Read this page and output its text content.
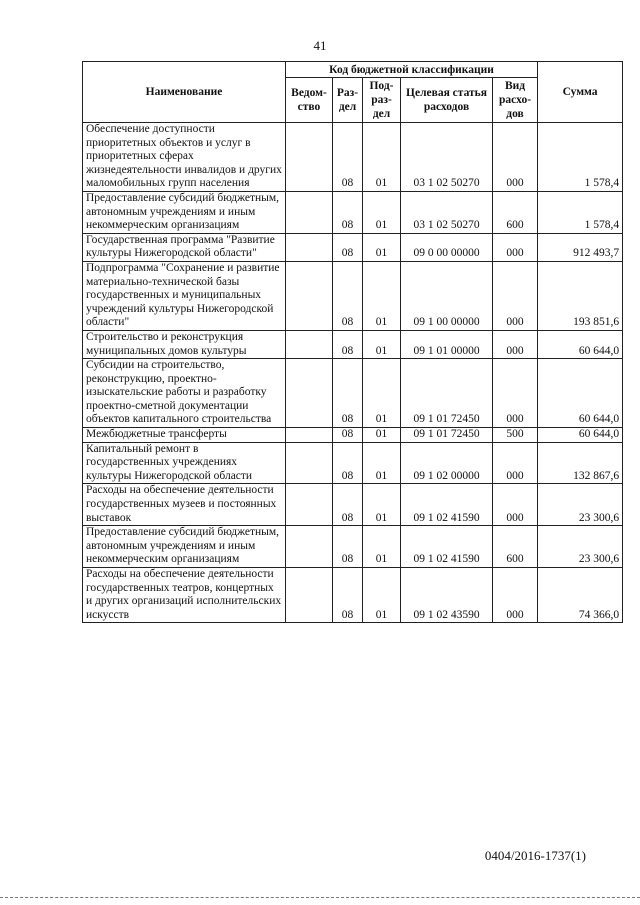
41
Наименование	Код бюджетной классификации					Сумма
	Ведом-ство	Раз-дел	Под-раз-дел	Целевая статья расходов	Вид расхо-дов	
Обеспечение доступности приоритетных объектов и услуг в приоритетных сферах жизнедеятельности инвалидов и других маломобильных групп населения		08	01	03 1 02 50270	000	1 578,4
Предоставление субсидий бюджетным, автономным учреждениям и иным некоммерческим организациям		08	01	03 1 02 50270	600	1 578,4
Государственная программа "Развитие культуры Нижегородской области"		08	01	09 0 00 00000	000	912 493,7
Подпрограмма "Сохранение и развитие материально-технической базы государственных и муниципальных учреждений культуры Нижегородской области"		08	01	09 1 00 00000	000	193 851,6
Строительство и реконструкция муниципальных домов культуры		08	01	09 1 01 00000	000	60 644,0
Субсидии на строительство, реконструкцию, проектно-изыскательские работы и разработку проектно-сметной документации объектов капитального строительства		08	01	09 1 01 72450	000	60 644,0
Межбюджетные трансферты		08	01	09 1 01 72450	500	60 644,0
Капитальный ремонт в государственных учреждениях культуры Нижегородской области		08	01	09 1 02 00000	000	132 867,6
Расходы на обеспечение деятельности государственных музеев и постоянных выставок		08	01	09 1 02 41590	000	23 300,6
Предоставление субсидий бюджетным, автономным учреждениям и иным некоммерческим организациям		08	01	09 1 02 41590	600	23 300,6
Расходы на обеспечение деятельности государственных театров, концертных и других организаций исполнительских искусств		08	01	09 1 02 43590	000	74 366,0
0404/2016-1737(1)
